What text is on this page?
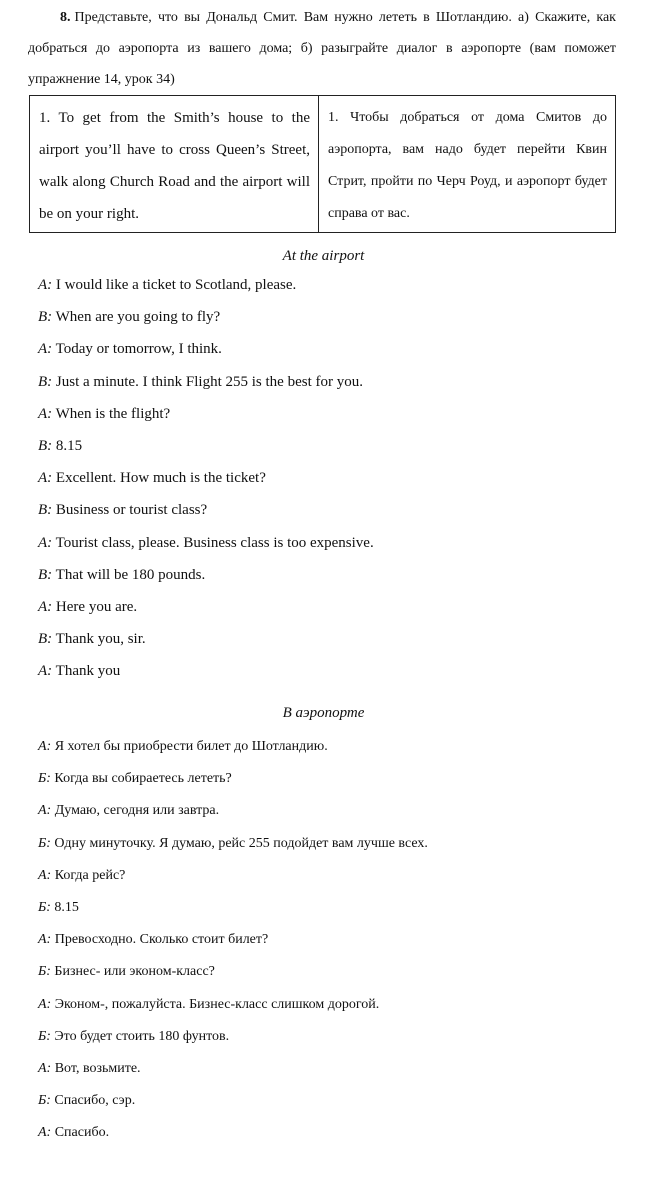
8. Представьте, что вы Дональд Смит. Вам нужно лететь в Шотландию. а) Скажите, как добраться до аэропорта из вашего дома; б) разыграйте диалог в аэропорте (вам поможет упражнение 14, урок 34)
1. To get from the Smith’s house to the airport you’ll have to cross Queen’s Street, walk along Church Road and the airport will be on your right.	1. Чтобы добраться от дома Смитов до аэропорта, вам надо будет перейти Квин Стрит, пройти по Черч Роуд, и аэропорт будет справа от вас.
At the airport
A: I would like a ticket to Scotland, please.
B: When are you going to fly?
A: Today or tomorrow, I think.
B: Just a minute. I think Flight 255 is the best for you.
A: When is the flight?
B: 8.15
A: Excellent. How much is the ticket?
B: Business or tourist class?
A: Tourist class, please. Business class is too expensive.
B: That will be 180 pounds.
A: Here you are.
B: Thank you, sir.
A: Thank you
В аэропорте
А: Я хотел бы приобрести билет до Шотландию.
Б: Когда вы собираетесь лететь?
А: Думаю, сегодня или завтра.
Б: Одну минуточку. Я думаю, рейс 255 подойдет вам лучше всех.
А: Когда рейс?
Б: 8.15
А: Превосходно. Сколько стоит билет?
Б: Бизнес- или эконом-класс?
А: Эконом-, пожалуйста. Бизнес-класс слишком дорогой.
Б: Это будет стоить 180 фунтов.
А: Вот, возьмите.
Б: Спасибо, сэр.
А: Спасибо.
